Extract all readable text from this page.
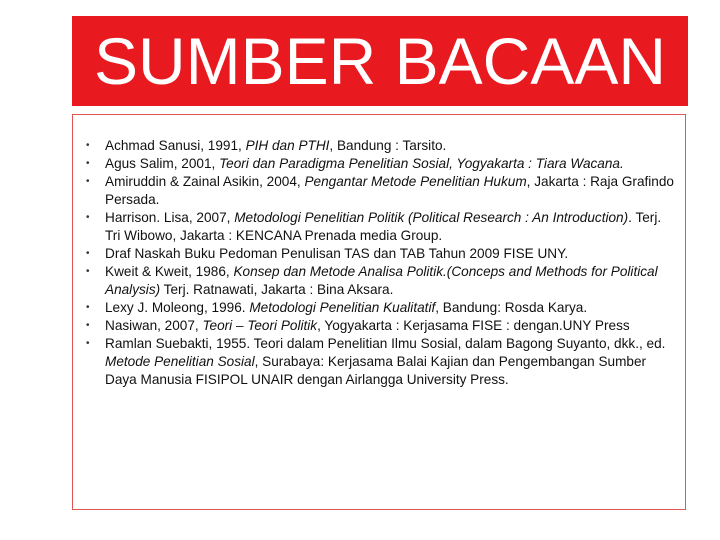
SUMBER BACAAN
• Achmad Sanusi, 1991, PIH dan PTHI, Bandung : Tarsito.
• Agus Salim, 2001, Teori dan Paradigma Penelitian Sosial, Yogyakarta : Tiara Wacana.
• Amiruddin & Zainal Asikin, 2004, Pengantar Metode Penelitian Hukum, Jakarta : Raja Grafindo Persada.
• Harrison. Lisa, 2007, Metodologi Penelitian Politik (Political Research : An Introduction). Terj. Tri Wibowo, Jakarta : KENCANA Prenada media Group.
• Draf Naskah Buku Pedoman Penulisan TAS dan TAB Tahun 2009 FISE UNY.
• Kweit & Kweit, 1986, Konsep dan Metode Analisa Politik.(Conceps and Methods for Political Analysis) Terj. Ratnawati, Jakarta : Bina Aksara.
• Lexy J. Moleong, 1996. Metodologi Penelitian Kualitatif, Bandung: Rosda Karya.
• Nasiwan, 2007, Teori – Teori Politik, Yogyakarta : Kerjasama FISE : dengan.UNY Press
• Ramlan Suebakti, 1955. Teori dalam Penelitian Ilmu Sosial, dalam Bagong Suyanto, dkk., ed. Metode Penelitian Sosial, Surabaya: Kerjasama Balai Kajian dan Pengembangan Sumber Daya Manusia FISIPOL UNAIR dengan Airlangga University Press.
